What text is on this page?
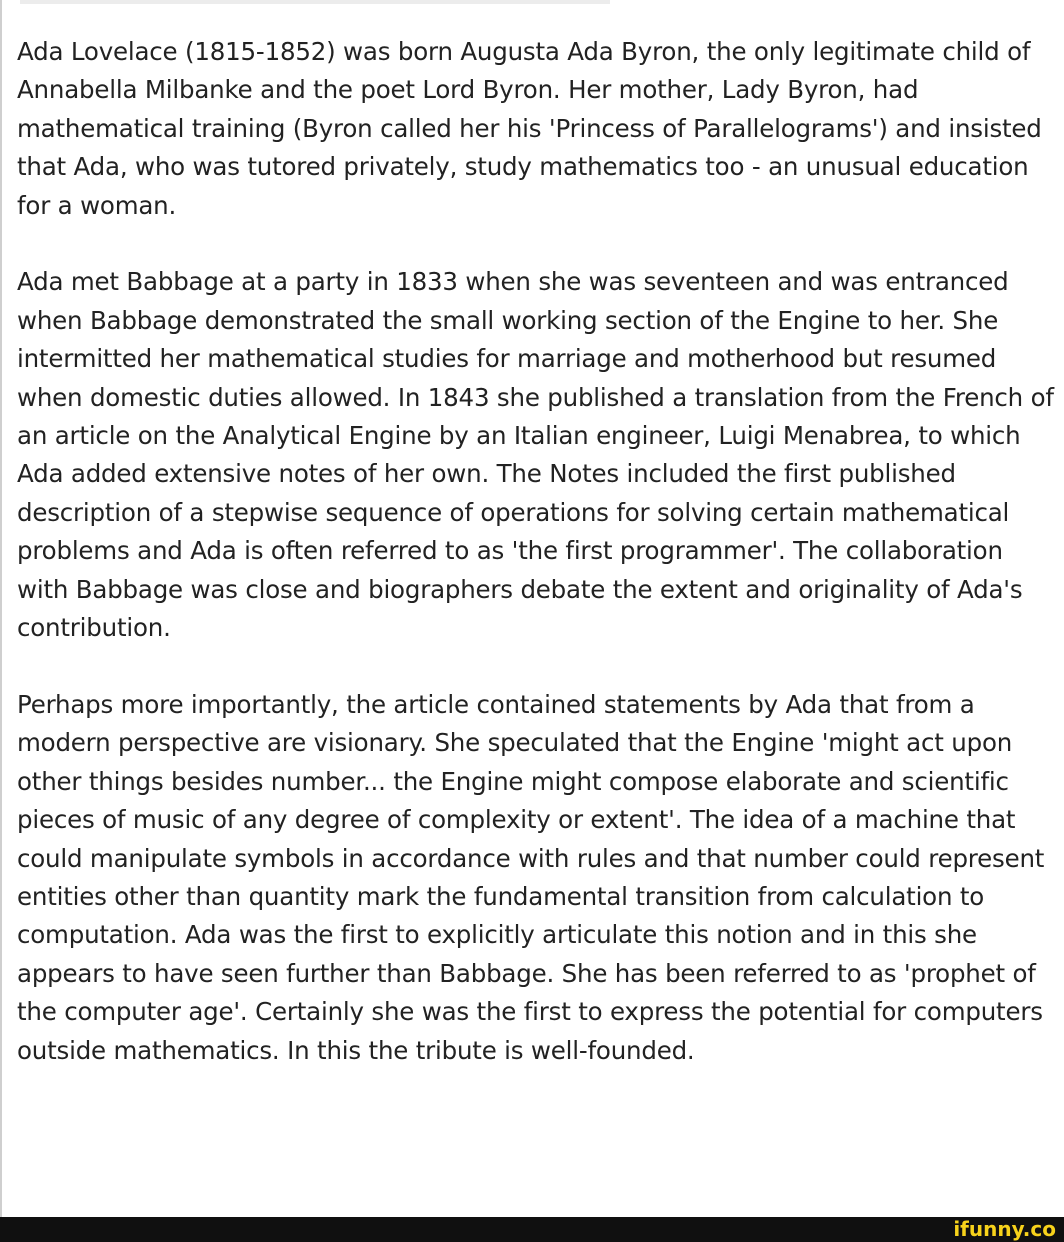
Ada Lovelace (1815-1852) was born Augusta Ada Byron, the only legitimate child of Annabella Milbanke and the poet Lord Byron. Her mother, Lady Byron, had mathematical training (Byron called her his 'Princess of Parallelograms') and insisted that Ada, who was tutored privately, study mathematics too - an unusual education for a woman.

Ada met Babbage at a party in 1833 when she was seventeen and was entranced when Babbage demonstrated the small working section of the Engine to her. She intermitted her mathematical studies for marriage and motherhood but resumed when domestic duties allowed. In 1843 she published a translation from the French of an article on the Analytical Engine by an Italian engineer, Luigi Menabrea, to which Ada added extensive notes of her own. The Notes included the first published description of a stepwise sequence of operations for solving certain mathematical problems and Ada is often referred to as 'the first programmer'. The collaboration with Babbage was close and biographers debate the extent and originality of Ada's contribution.

Perhaps more importantly, the article contained statements by Ada that from a modern perspective are visionary. She speculated that the Engine 'might act upon other things besides number... the Engine might compose elaborate and scientific pieces of music of any degree of complexity or extent'. The idea of a machine that could manipulate symbols in accordance with rules and that number could represent entities other than quantity mark the fundamental transition from calculation to computation. Ada was the first to explicitly articulate this notion and in this she appears to have seen further than Babbage. She has been referred to as 'prophet of the computer age'. Certainly she was the first to express the potential for computers outside mathematics. In this the tribute is well-founded.

ifunny.co
